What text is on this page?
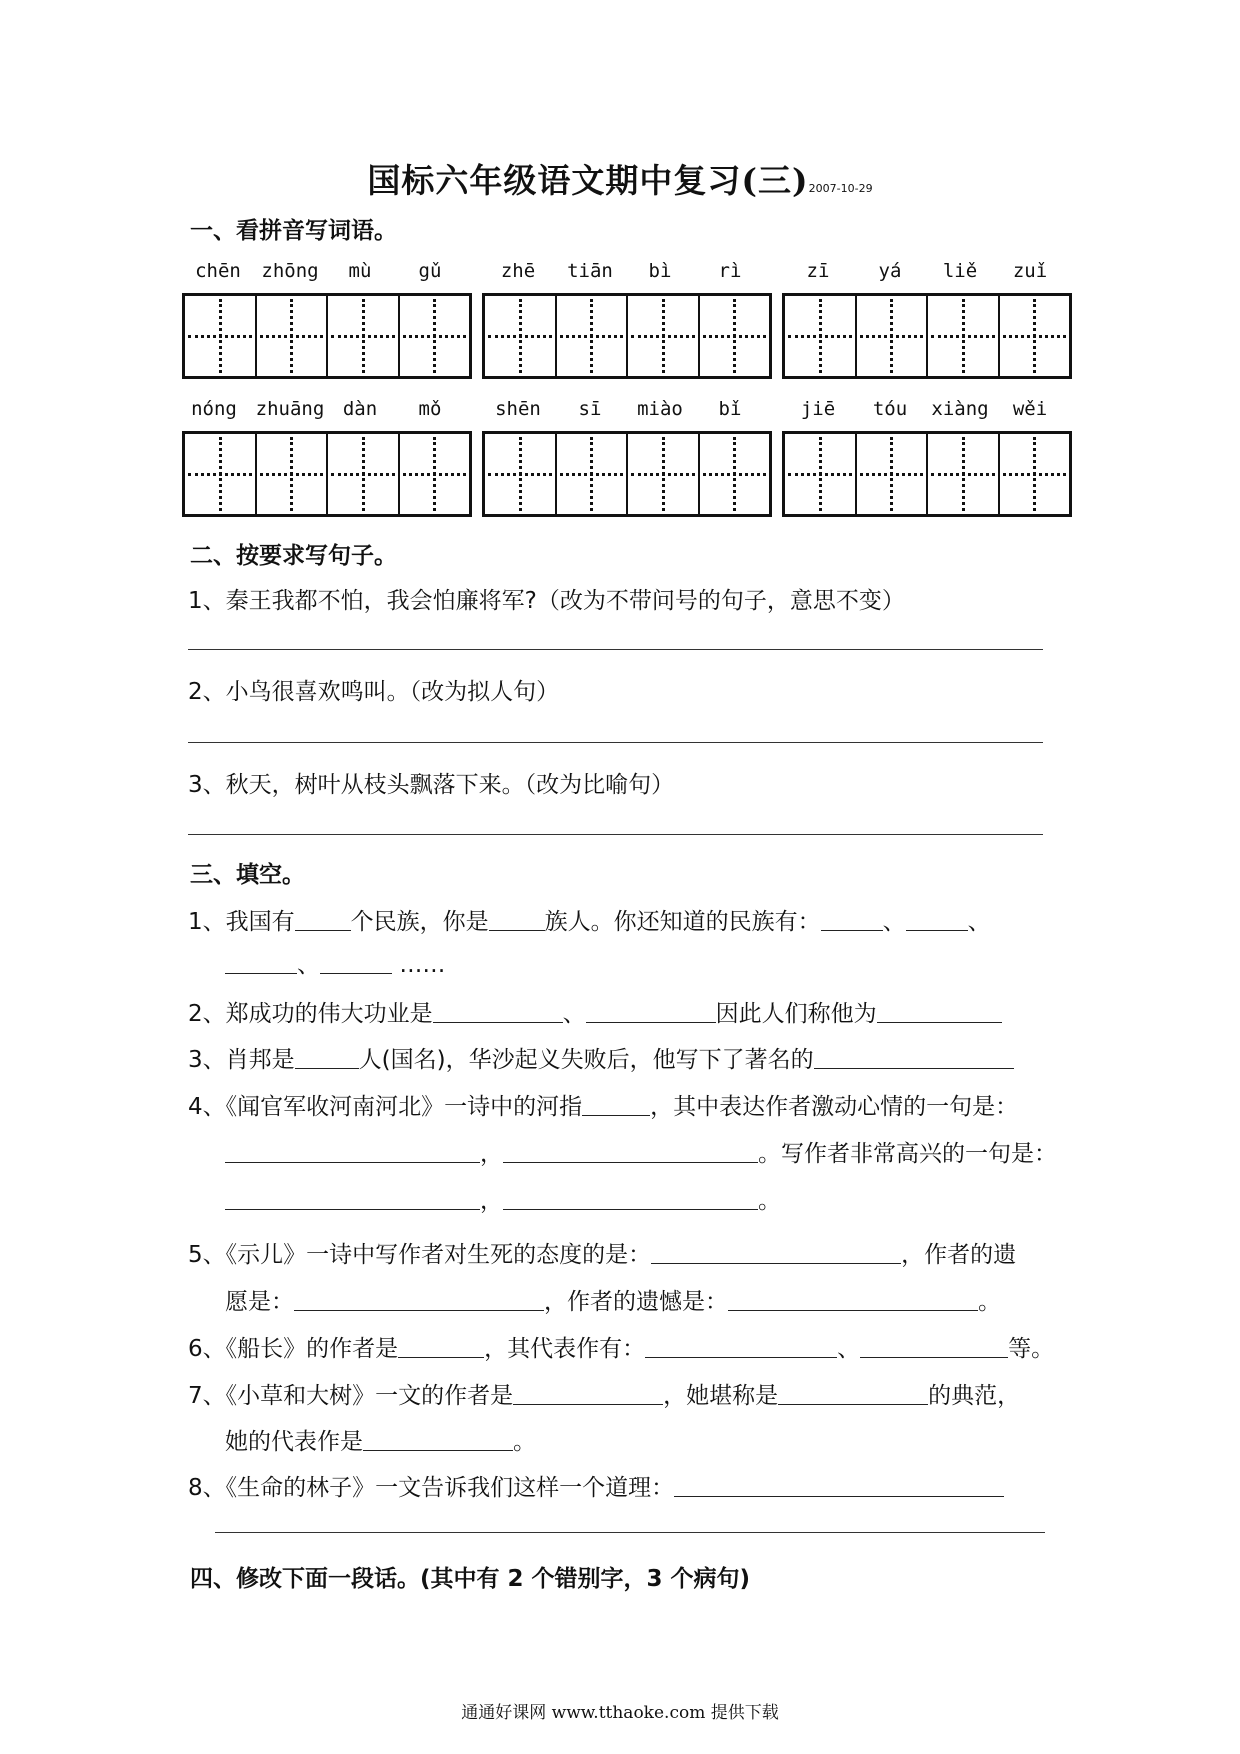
国标六年级语文期中复习(三)2007-10-29
一、看拼音写词语。
chēn	zhōng	mù	gǔ	zhē	tiān	bì	rì	zī	yá	liě	zuǐ
nóng zhuāng dàn	mǒ	shēn	sī	miào	bǐ	jiē	tóu	xiàng	wěi
二、按要求写句子。
1、秦王我都不怕，我会怕廉将军?（改为不带问号的句子，意思不变）
2、小鸟很喜欢鸣叫。（改为拟人句）
3、秋天，树叶从枝头飘落下来。（改为比喻句）
三、填空。
1、我国有 个民族，你是 族人。你还知道的民族有：	、	、
、	……
2、郑成功的伟大功业是	、	因此人们称他为
3、肖邦是	人(国名)，华沙起义失败后，他写下了著名的
4、《闻官军收河南河北》一诗中的河指	，其中表达作者激动心情的一句是：
，	。写作者非常高兴的一句是：
，	。
5、《示儿》一诗中写作者对生死的态度的是：	，作者的遗
愿是：	，作者的遗憾是：	。
6、《船长》的作者是	，其代表作有：	、	等。
7、《小草和大树》一文的作者是	，她堪称是	的典范，
她的代表作是	。
8、《生命的林子》一文告诉我们这样一个道理：
四、修改下面一段话。(其中有 2 个错别字，3 个病句)
通通好课网 www.tthaoke.com 提供下载
